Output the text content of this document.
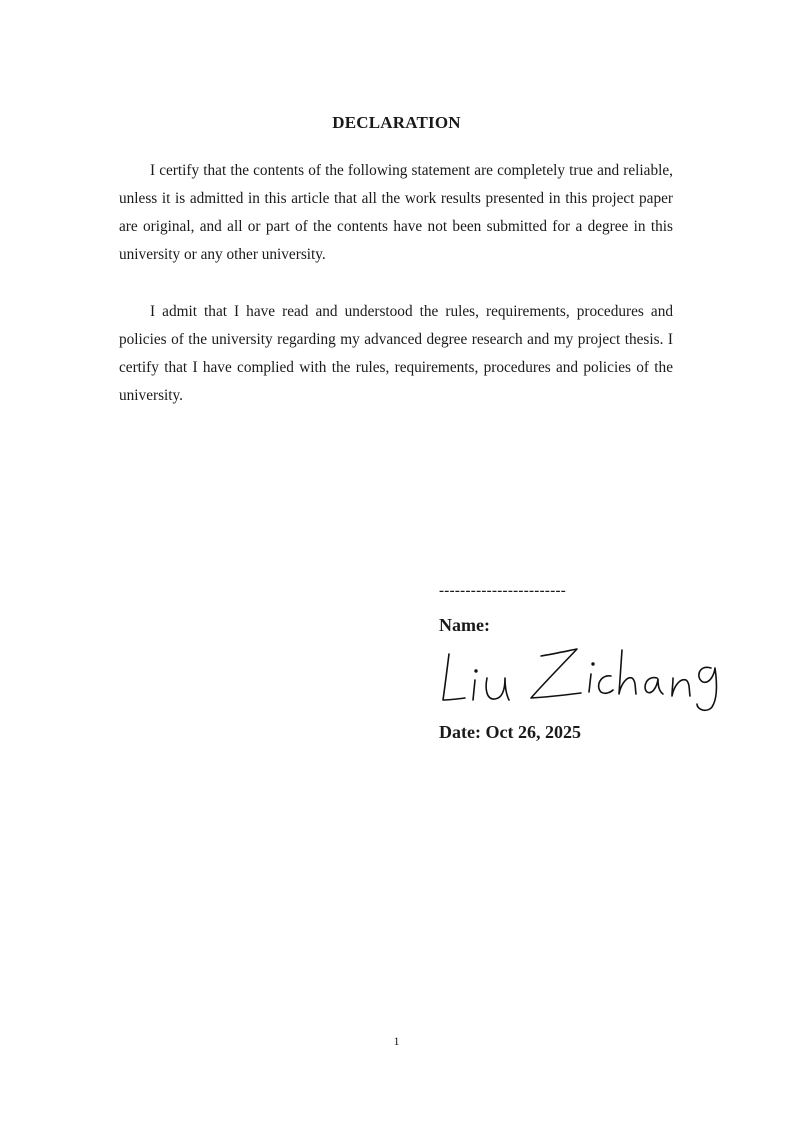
DECLARATION

I certify that the contents of the following statement are completely true and reliable, unless it is admitted in this article that all the work results presented in this project paper are original, and all or part of the contents have not been submitted for a degree in this university or any other university.

I admit that I have read and understood the rules, requirements, procedures and policies of the university regarding my advanced degree research and my project thesis. I certify that I have complied with the rules, requirements, procedures and policies of the university.

------------------------
Name:
Date: Oct 26, 2025
1
